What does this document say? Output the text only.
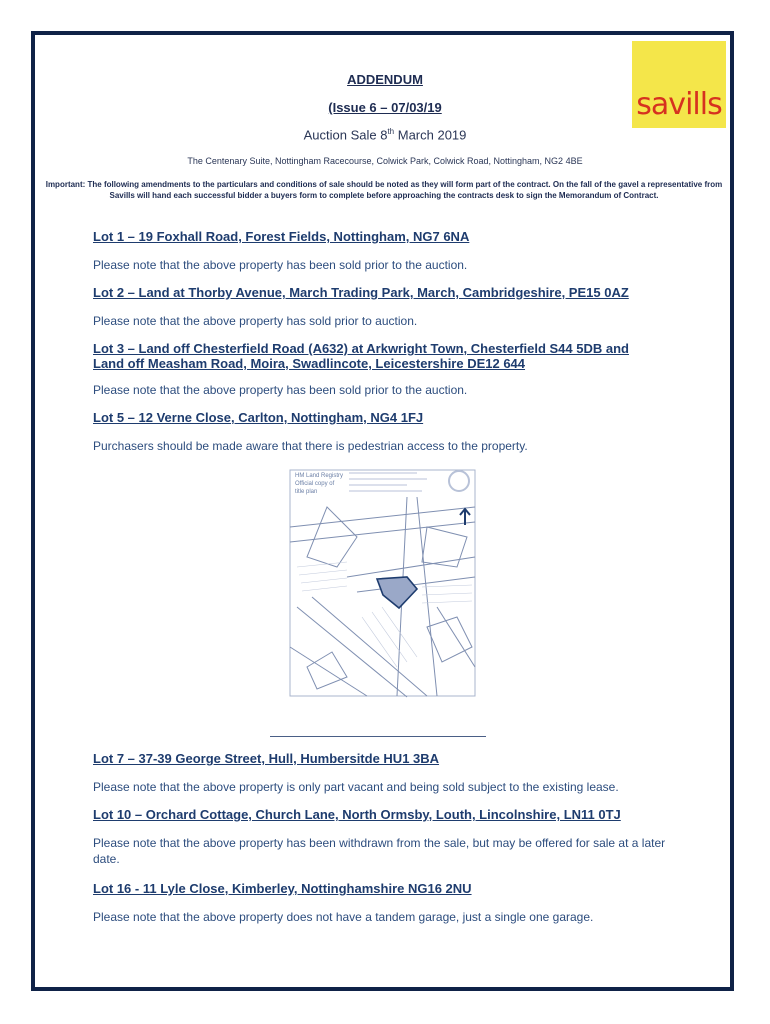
savills
ADDENDUM
(Issue 6 – 07/03/19
Auction Sale 8th March 2019
The Centenary Suite, Nottingham Racecourse, Colwick Park, Colwick Road, Nottingham, NG2 4BE
Important: The following amendments to the particulars and conditions of sale should be noted as they will form part of the contract. On the fall of the gavel a representative from Savills will hand each successful bidder a buyers form to complete before approaching the contracts desk to sign the Memorandum of Contract.
Lot 1 – 19 Foxhall Road, Forest Fields, Nottingham, NG7 6NA
Please note that the above property has been sold prior to the auction.
Lot 2 – Land at Thorby Avenue, March Trading Park, March, Cambridgeshire, PE15 0AZ
Please note that the above property has sold prior to auction.
Lot 3 – Land off Chesterfield Road (A632) at Arkwright Town, Chesterfield S44 5DB and Land off Measham Road, Moira, Swadlincote, Leicestershire DE12 644
Please note that the above property has been sold prior to the auction.
Lot 5 – 12 Verne Close, Carlton, Nottingham, NG4 1FJ
Purchasers should be made aware that there is pedestrian access to the property.
HM Land Registry
Official copy of
title plan
Lot 7 – 37-39 George Street, Hull, Humbersitde HU1 3BA
Please note that the above property is only part vacant and being sold subject to the existing lease.
Lot 10 – Orchard Cottage, Church Lane, North Ormsby, Louth, Lincolnshire, LN11 0TJ
Please note that the above property has been withdrawn from the sale, but may be offered for sale at a later date.
Lot 16 - 11 Lyle Close, Kimberley, Nottinghamshire NG16 2NU
Please note that the above property does not have a tandem garage, just a single one garage.
